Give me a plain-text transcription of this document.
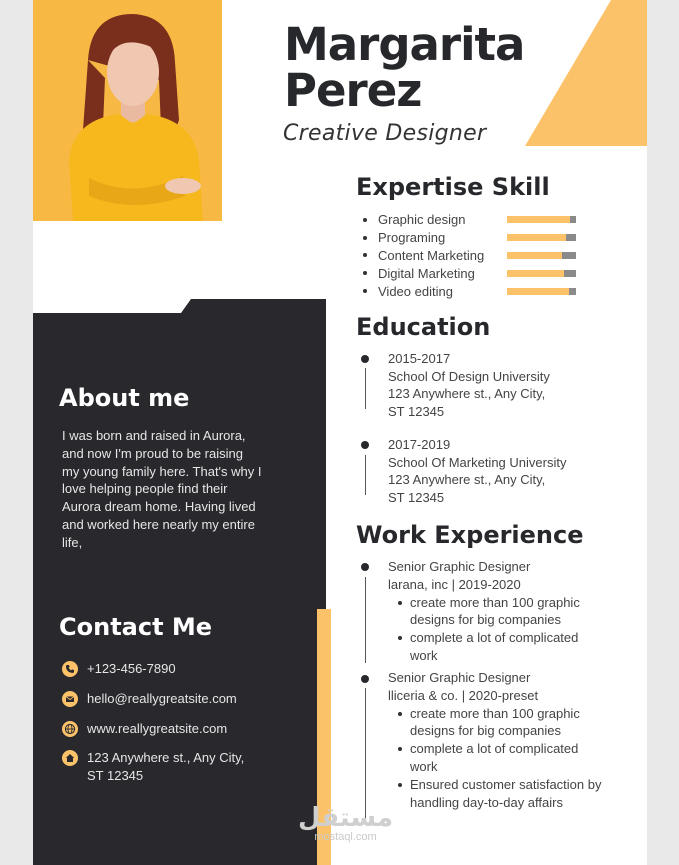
Margarita
Perez
Creative Designer
About me
I was born and raised in Aurora, and now I'm proud to be raising my young family here. That's why I love helping people find their Aurora dream home. Having lived and worked here nearly my entire life,
Contact Me
+123-456-7890
hello@reallygreatsite.com
www.reallygreatsite.com
123 Anywhere st., Any City,
ST 12345
Expertise Skill
Graphic design
Programing
Content Marketing
Digital Marketing
Video editing
Education
2015-2017
School Of Design University
123 Anywhere st., Any City,
ST 12345
2017-2019
School Of Marketing University
123 Anywhere st., Any City,
ST 12345
Work Experience
Senior Graphic Designer
larana, inc | 2019-2020
create more than 100 graphic designs for big companies
complete a lot of complicated work
Senior Graphic Designer
lliceria & co. | 2020-preset
create more than 100 graphic designs for big companies
complete a lot of complicated work
Ensured customer satisfaction by handling day-to-day affairs
مستقل
mostaql.com
